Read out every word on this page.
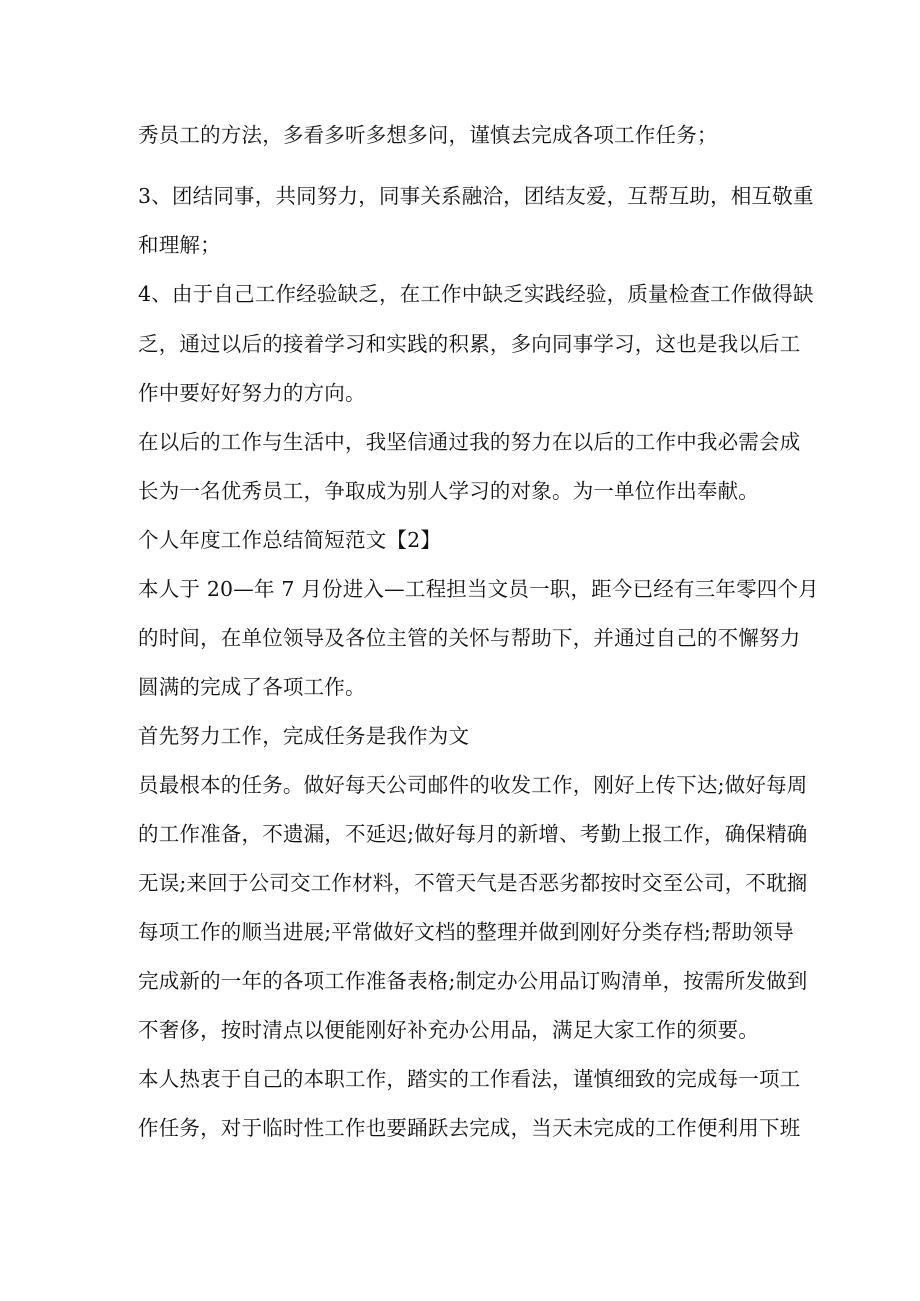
秀员工的方法，多看多听多想多问，谨慎去完成各项工作任务；
3、团结同事，共同努力，同事关系融洽，团结友爱，互帮互助，相互敬重
和理解；
4、由于自己工作经验缺乏，在工作中缺乏实践经验，质量检查工作做得缺
乏，通过以后的接着学习和实践的积累，多向同事学习，这也是我以后工
作中要好好努力的方向。
在以后的工作与生活中，我坚信通过我的努力在以后的工作中我必需会成
长为一名优秀员工，争取成为别人学习的对象。为一单位作出奉献。
个人年度工作总结简短范文【2】
本人于 20—年 7 月份进入—工程担当文员一职，距今已经有三年零四个月
的时间，在单位领导及各位主管的关怀与帮助下，并通过自己的不懈努力
圆满的完成了各项工作。
首先努力工作，完成任务是我作为文
员最根本的任务。做好每天公司邮件的收发工作，刚好上传下达;做好每周
的工作准备，不遗漏，不延迟;做好每月的新增、考勤上报工作，确保精确
无误;来回于公司交工作材料，不管天气是否恶劣都按时交至公司，不耽搁
每项工作的顺当进展;平常做好文档的整理并做到刚好分类存档;帮助领导
完成新的一年的各项工作准备表格;制定办公用品订购清单，按需所发做到
不奢侈，按时清点以便能刚好补充办公用品，满足大家工作的须要。
本人热衷于自己的本职工作，踏实的工作看法，谨慎细致的完成每一项工
作任务，对于临时性工作也要踊跃去完成，当天未完成的工作便利用下班
